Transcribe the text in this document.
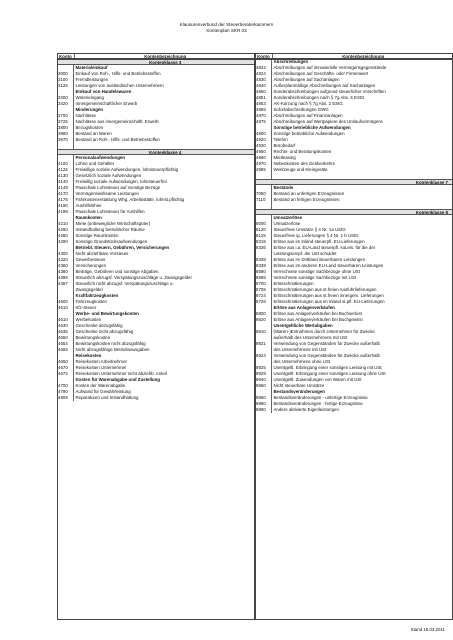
Klausurenverbund der Steuerberaterkammern
Kontenplan SKR 03
Konto	Kontenbezeichnung
Kontenklasse 3
Materialeinkauf
3000	Einkauf von Roh-, Hilfs- und Betriebsstoffen
3100	Fremdleistungen
3125	Leistungen von ausländischen Unternehmern
Einkauf von Handelswaren
3200	Wareneingang
3420	Innergemeinschaftlicher Erwerb
Minderungen
3700	Nachlässe
3725	Nachlässe aus innergemeinschaftl. Erwerb
3800	Bezugskosten
3960	Bestand an Waren
3970	Bestand an Roh-, Hilfs- und Betriebsstoffen
Kontenklasse 4
Personalaufwendungen
4100	Löhne und Gehälter
4125	Freiwillige soziale Aufwendungen, lohnsteuerpflichtig
4130	Gesetzlich soziale Aufwendungen
4140	Freiwillig soziale Aufwendungen, lohnsteuerfrei
4149	Pauschale Lohnsteuer auf sonstige Bezüge
4170	Vermögenswirksame Leistungen
4175	Fahrkostenerstattung Whg. Arbeitsstätte, lohnst.pflichtig
4190	Aushilfslöhne
4199	Pauschale Lohnsteuer für Aushilfen
Raumkosten
4210	Miete (unbewegliche Wirtschaftsgüter)
4260	Instandhaltung betrieblicher Räume
4280	Sonstige Raumkosten
4290	Sonstige Grundstücksaufwendungen
Betriebl. Steuern, Gebühren, Versicherungen
4300	Nicht abziehbare Vorsteuer
4320	Gewerbesteuer
4360	Versicherungen
4380	Beiträge, Gebühren und sonstige Abgaben
4396	Steuerlich abzugsf. Verspätungszuschläge u. Zwangsgelder
4397	Steuerlich nicht abzugsf. Verspätungszuschläge u.
Zwangsgelder
Kraftfahrzeugkosten
4500	Fahrzeugkosten
4510	Kfz-Steuer
Werbe- und Bewirtungskosten
4610	Werbekosten
4630	Geschenke abzugsfähig
4635	Geschenke nicht abzugsfähig
4650	Bewirtungskosten
4654	Bewirtungskosten nicht abzugsfähig
4655	Nicht abzugsfähige Betriebsausgaben
Reisekosten
4660	Reisekosten Arbeitnehmer
4670	Reisekosten Unternehmer
4672	Reisekosten Unternehmer nicht abziehb. Anteil
Kosten für Warenabgabe und Zustellung
4700	Kosten der Warenabgabe
4790	Aufwand für Gewährleistung
4809	Reparaturen und Instandhaltung
Konto	Kontenbezeichnung
Abschreibungen
4822	Abschreibungen auf immaterielle Vermögensgegenstände
4824	Abschreibungen auf Geschäfts- oder Firmenwert
4830	Abschreibungen auf Sachanlagen
4840	Außerplanmäßige Abschreibungen auf Sachanlagen
4850	Sonderabschreibungen aufgrund steuerlicher Vorschriften
4851	Sonderabschreibungen nach § 7g Abs. 5 EStG
4853	AK-Kürzung nach § 7g Abs. 2 EStG
4855	Sofortabschreibungen GWG
4870	Abschreibungen auf Finanzanlagen
4875	Abschreibungen auf Wertpapiere des Umlaufvermögens
Sonstige betriebliche Aufwendungen
4900	Sonstige betriebliche Aufwendungen
4920	Telefon
4930	Bürobedarf
4950	Rechts- und Beratungskosten
4960	Mietleasing
4970	Nebenkosten des Geldverkehrs
4985	Werkzeuge und Kleingeräte
Kontenklasse 7
Bestände
7050	Bestand an unfertigen Erzeugnissen
7110	Bestand an fertigen Erzeugnissen
Kontenklasse 8
Umsatzerlöse
8000	Umsatzerlöse
8120	Steuerfreie Umsätze § 4 Nr. 1a UStG
8125	Steuerfreie ig. Lieferungen § 4 Nr. 1 b UStG
8315	Erlöse aus im Inland steuerpfl. EU-Lieferungen
8336	Erlöse aus i.a. EU-Land steuerpfl. soLeis. für die der
Leistungsempf. die USt schuldet
8338	Erlöse aus im Drittland steuerbaren Leistungen
8339	Erlöse aus im anderen EU-Land steuerbaren Leistungen
8580	Verrechnete sonstige Sachbezüge ohne USt
8595	Verrechnete sonstige Sachbezüge mit USt
8700	Erlösschmälerungen
8705	Erlösschmälerungen aus st.freien Ausfuhrlieferungen
8724	Erlösschmälerungen aus st.freien innergem. Lieferungen
8726	Erlösschmälerungen aus im Inland st.pfl. EU-Lieferungen
Erlöse aus Anlagenverkäufen
8800	Erlöse aus Anlagenverkäufen bei Buchverlust
8820	Erlöse aus Anlagenverkäufen bei Buchgewinn
Unentgeltliche Wertabgaben
8910	(Waren-)Entnahmen durch Unternehmer für Zwecke
außerhalb des Unternehmens mit USt
8921	Verwendung von Gegenständen für Zwecke außerhalb
des Unternehmens mit USt
8924	Verwendung von Gegenständen für Zwecke außerhalb
des Unternehmens ohne USt
8925	Unentgeltl. Erbringung einer sonstigen Leistung mit USt
8929	Unentgeltl. Erbringung einer sonstigen Leistung ohne USt
8940	Unentgeltl. Zuwendungen von Waren mit USt
8950	Nicht steuerbare Umsätze
Bestandsveränderungen
8960	Bestandsveränderungen - unfertige Erzeugnisse
8980	Bestandsveränderungen - fertige Erzeugnisse
8990	Andere aktivierte Eigenleistungen
Stand 18.03.2011
